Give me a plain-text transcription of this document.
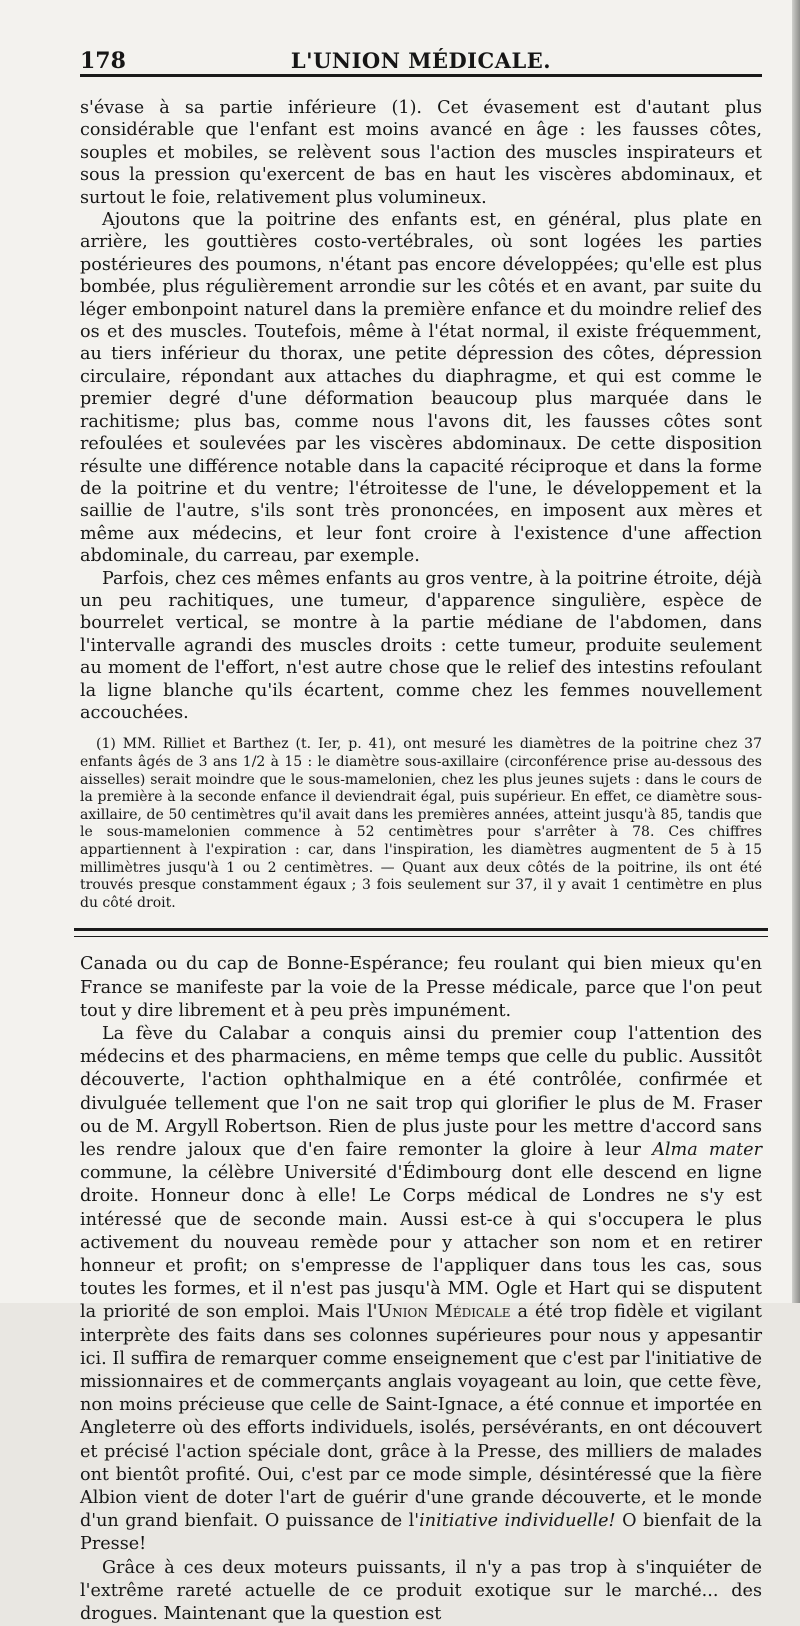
178	L'UNION MÉDICALE.

s'évase à sa partie inférieure (1). Cet évasement est d'autant plus considérable que l'enfant est moins avancé en âge : les fausses côtes, souples et mobiles, se relèvent sous l'action des muscles inspirateurs et sous la pression qu'exercent de bas en haut les viscères abdominaux, et surtout le foie, relativement plus volumineux.

Ajoutons que la poitrine des enfants est, en général, plus plate en arrière, les gouttières costo-vertébrales, où sont logées les parties postérieures des poumons, n'étant pas encore développées; qu'elle est plus bombée, plus régulièrement arrondie sur les côtés et en avant, par suite du léger embonpoint naturel dans la première enfance et du moindre relief des os et des muscles. Toutefois, même à l'état normal, il existe fréquemment, au tiers inférieur du thorax, une petite dépression des côtes, dépression circulaire, répondant aux attaches du diaphragme, et qui est comme le premier degré d'une déformation beaucoup plus marquée dans le rachitisme; plus bas, comme nous l'avons dit, les fausses côtes sont refoulées et soulevées par les viscères abdominaux. De cette disposition résulte une différence notable dans la capacité réciproque et dans la forme de la poitrine et du ventre; l'étroitesse de l'une, le développement et la saillie de l'autre, s'ils sont très prononcées, en imposent aux mères et même aux médecins, et leur font croire à l'existence d'une affection abdominale, du carreau, par exemple.

Parfois, chez ces mêmes enfants au gros ventre, à la poitrine étroite, déjà un peu rachitiques, une tumeur, d'apparence singulière, espèce de bourrelet vertical, se montre à la partie médiane de l'abdomen, dans l'intervalle agrandi des muscles droits : cette tumeur, produite seulement au moment de l'effort, n'est autre chose que le relief des intestins refoulant la ligne blanche qu'ils écartent, comme chez les femmes nouvellement accouchées.

(1) MM. Rilliet et Barthez (t. Ier, p. 41), ont mesuré les diamètres de la poitrine chez 37 enfants âgés de 3 ans 1/2 à 15 : le diamètre sous-axillaire (circonférence prise au-dessous des aisselles) serait moindre que le sous-mamelonien, chez les plus jeunes sujets : dans le cours de la première à la seconde enfance il deviendrait égal, puis supérieur. En effet, ce diamètre sous-axillaire, de 50 centimètres qu'il avait dans les premières années, atteint jusqu'à 85, tandis que le sous-mamelonien commence à 52 centimètres pour s'arrêter à 78. Ces chiffres appartiennent à l'expiration : car, dans l'inspiration, les diamètres augmentent de 5 à 15 millimètres jusqu'à 1 ou 2 centimètres. — Quant aux deux côtés de la poitrine, ils ont été trouvés presque constamment égaux ; 3 fois seulement sur 37, il y avait 1 centimètre en plus du côté droit.

Canada ou du cap de Bonne-Espérance; feu roulant qui bien mieux qu'en France se manifeste par la voie de la Presse médicale, parce que l'on peut tout y dire librement et à peu près impunément.

La fève du Calabar a conquis ainsi du premier coup l'attention des médecins et des pharmaciens, en même temps que celle du public. Aussitôt découverte, l'action ophthalmique en a été contrôlée, confirmée et divulguée tellement que l'on ne sait trop qui glorifier le plus de M. Fraser ou de M. Argyll Robertson. Rien de plus juste pour les mettre d'accord sans les rendre jaloux que d'en faire remonter la gloire à leur Alma mater commune, la célèbre Université d'Édimbourg dont elle descend en ligne droite. Honneur donc à elle! Le Corps médical de Londres ne s'y est intéressé que de seconde main. Aussi est-ce à qui s'occupera le plus activement du nouveau remède pour y attacher son nom et en retirer honneur et profit; on s'empresse de l'appliquer dans tous les cas, sous toutes les formes, et il n'est pas jusqu'à MM. Ogle et Hart qui se disputent la priorité de son emploi. Mais l'Union Médicale a été trop fidèle et vigilant interprète des faits dans ses colonnes supérieures pour nous y appesantir ici. Il suffira de remarquer comme enseignement que c'est par l'initiative de missionnaires et de commerçants anglais voyageant au loin, que cette fève, non moins précieuse que celle de Saint-Ignace, a été connue et importée en Angleterre où des efforts individuels, isolés, persévérants, en ont découvert et précisé l'action spéciale dont, grâce à la Presse, des milliers de malades ont bientôt profité. Oui, c'est par ce mode simple, désintéressé que la fière Albion vient de doter l'art de guérir d'une grande découverte, et le monde d'un grand bienfait. O puissance de l'initiative individuelle! O bienfait de la Presse!

Grâce à ces deux moteurs puissants, il n'y a pas trop à s'inquiéter de l'extrême rareté actuelle de ce produit exotique sur le marché... des drogues. Maintenant que la question est
